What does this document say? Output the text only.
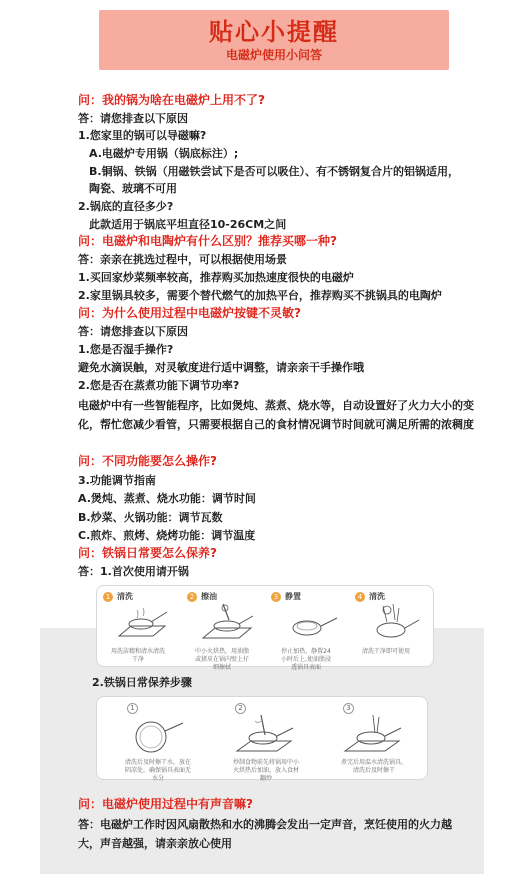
贴心小提醒
电磁炉使用小问答
问：我的锅为啥在电磁炉上用不了?
答：请您排查以下原因
1.您家里的锅可以导磁嘛?
A.电磁炉专用锅（锅底标注）;
B.铜锅、铁锅（用磁铁尝试下是否可以吸住）、有不锈钢复合片的铝锅适用，
陶瓷、玻璃不可用
2.锅底的直径多少?
此款适用于锅底平坦直径10-26CM之间
问：电磁炉和电陶炉有什么区别？推荐买哪一种?
答：亲亲在挑选过程中，可以根据使用场景
1.买回家炒菜频率较高，推荐购买加热速度很快的电磁炉
2.家里锅具较多，需要个替代燃气的加热平台，推荐购买不挑锅具的电陶炉
问：为什么使用过程中电磁炉按键不灵敏?
答：请您排查以下原因
1.您是否湿手操作?
避免水滴误触，对灵敏度进行适中调整，请亲亲干手操作哦
2.您是否在蒸煮功能下调节功率?
电磁炉中有一些智能程序，比如煲炖、蒸煮、烧水等，自动设置好了火力大小的变化，帮忙您减少看管，只需要根据自己的食材情况调节时间就可满足所需的浓稠度
问：不同功能要怎么操作?
3.功能调节指南
A.煲炖、蒸煮、烧水功能：调节时间
B.炒菜、火锅功能：调节瓦数
C.煎炸、煎烤、烧烤功能：调节温度
问：铁锅日常要怎么保养?
答：1.首次使用请开锅
1 清洗
用洗洁精和清水清洗干净
2 擦油
中小火烘热，用油脂或猪皮在锅内壁上仔细擦拭
3 静置
停止加热，静置24小时后上,使油脂浸透锅具表面
4 清洗
清洗干净即可使用
2.铁锅日常保养步骤
1
清洗后及时擦干水，放在阴凉处，确保锅具表面无水分
2
炒制食物前先将锅用中小火烘热后加油，放入食材翻炒
3
煮完后用温水清洗锅具，清洗后及时擦干
问：电磁炉使用过程中有声音嘛?
答：电磁炉工作时因风扇散热和水的沸腾会发出一定声音，烹饪使用的火力越大，声音越强，请亲亲放心使用
